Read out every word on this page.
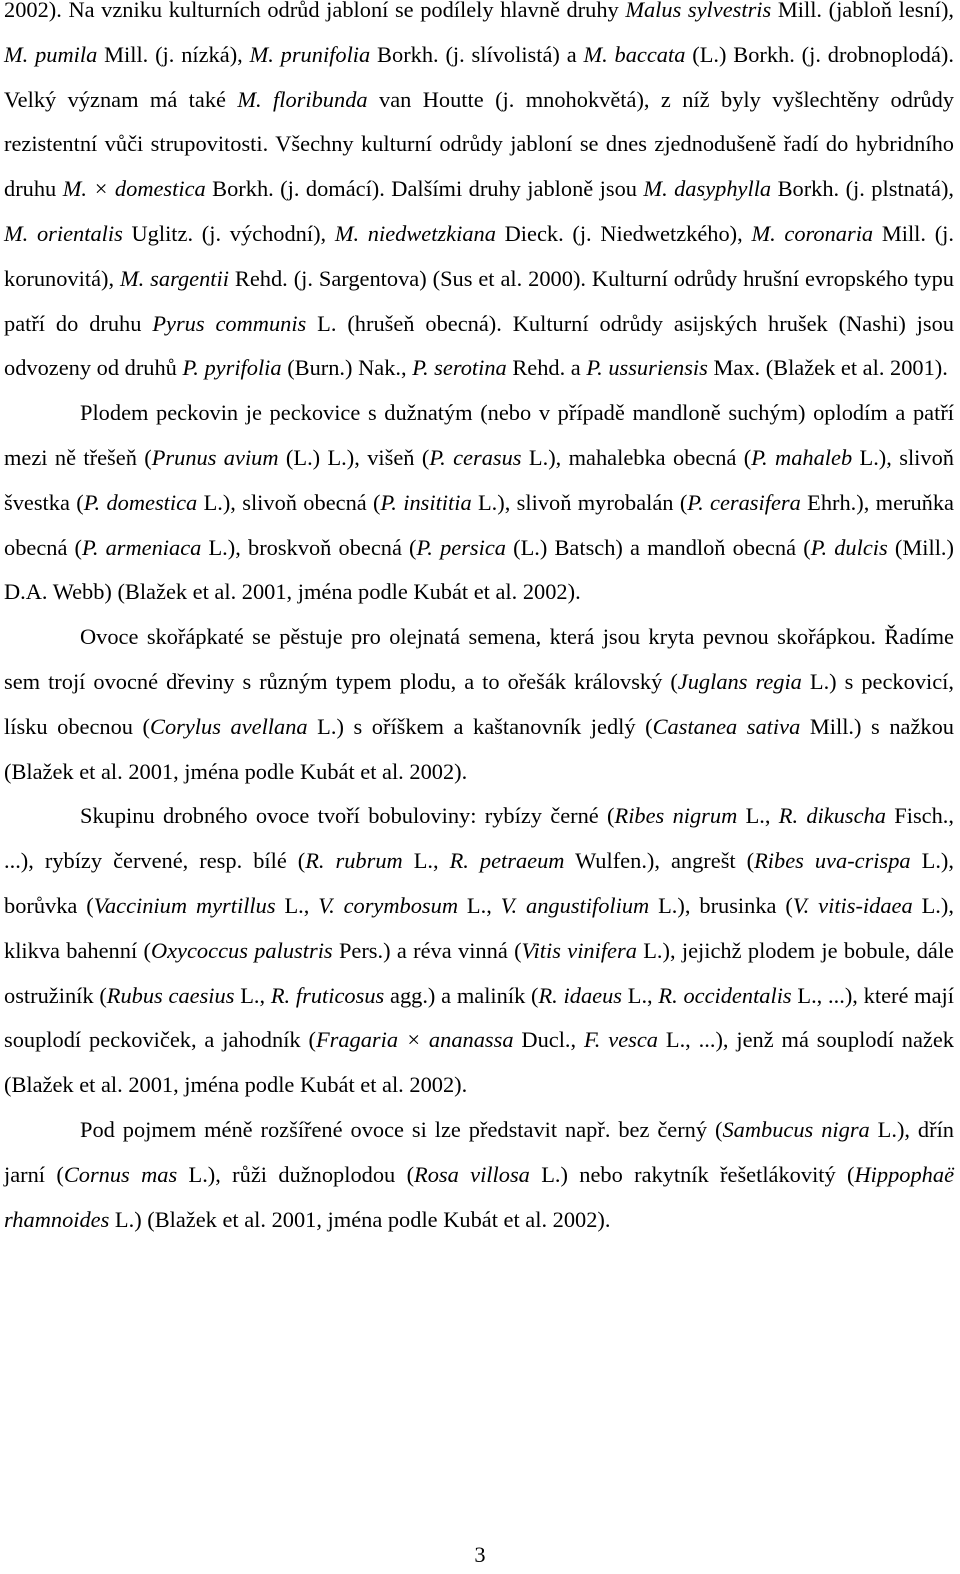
2002). Na vzniku kulturních odrůd jabloní se podílely hlavně druhy Malus sylvestris Mill. (jabloň lesní), M. pumila Mill. (j. nízká), M. prunifolia Borkh. (j. slívolistá) a M. baccata (L.) Borkh. (j. drobnoplodá). Velký význam má také M. floribunda van Houtte (j. mnohokvětá), z níž byly vyšlechtěny odrůdy rezistentní vůči strupovitosti. Všechny kulturní odrůdy jabloní se dnes zjednodušeně řadí do hybridního druhu M. × domestica Borkh. (j. domácí). Dalšími druhy jabloně jsou M. dasyphylla Borkh. (j. plstnatá), M. orientalis Uglitz. (j. východní), M. niedwetzkiana Dieck. (j. Niedwetzkého), M. coronaria Mill. (j. korunovitá), M. sargentii Rehd. (j. Sargentova) (Sus et al. 2000). Kulturní odrůdy hrušní evropského typu patří do druhu Pyrus communis L. (hrušeň obecná). Kulturní odrůdy asijských hrušek (Nashi) jsou odvozeny od druhů P. pyrifolia (Burn.) Nak., P. serotina Rehd. a P. ussuriensis Max. (Blažek et al. 2001).
Plodem peckovin je peckovice s dužnatým (nebo v případě mandloně suchým) oplodím a patří mezi ně třešeň (Prunus avium (L.) L.), višeň (P. cerasus L.), mahalebka obecná (P. mahaleb L.), slivoň švestka (P. domestica L.), slivoň obecná (P. insititia L.), slivoň myrobalán (P. cerasifera Ehrh.), meruňka obecná (P. armeniaca L.), broskvoň obecná (P. persica (L.) Batsch) a mandloň obecná (P. dulcis (Mill.) D.A. Webb) (Blažek et al. 2001, jména podle Kubát et al. 2002).
Ovoce skořápkaté se pěstuje pro olejnatá semena, která jsou kryta pevnou skořápkou. Řadíme sem trojí ovocné dřeviny s různým typem plodu, a to ořešák královský (Juglans regia L.) s peckovicí, lísku obecnou (Corylus avellana L.) s oříškem a kaštanovník jedlý (Castanea sativa Mill.) s nažkou (Blažek et al. 2001, jména podle Kubát et al. 2002).
Skupinu drobného ovoce tvoří bobuloviny: rybízy černé (Ribes nigrum L., R. dikuscha Fisch., ...), rybízy červené, resp. bílé (R. rubrum L., R. petraeum Wulfen.), angrešt (Ribes uva-crispa L.), borůvka (Vaccinium myrtillus L., V. corymbosum L., V. angustifolium L.), brusinka (V. vitis-idaea L.), klikva bahenní (Oxycoccus palustris Pers.) a réva vinná (Vitis vinifera L.), jejichž plodem je bobule, dále ostružiník (Rubus caesius L., R. fruticosus agg.) a maliník (R. idaeus L., R. occidentalis L., ...), které mají souplodí peckoviček, a jahodník (Fragaria × ananassa Ducl., F. vesca L., ...), jenž má souplodí nažek (Blažek et al. 2001, jména podle Kubát et al. 2002).
Pod pojmem méně rozšířené ovoce si lze představit např. bez černý (Sambucus nigra L.), dřín jarní (Cornus mas L.), růži dužnoplodou (Rosa villosa L.) nebo rakytník řešetlákovitý (Hippophaë rhamnoides L.) (Blažek et al. 2001, jména podle Kubát et al. 2002).
3
